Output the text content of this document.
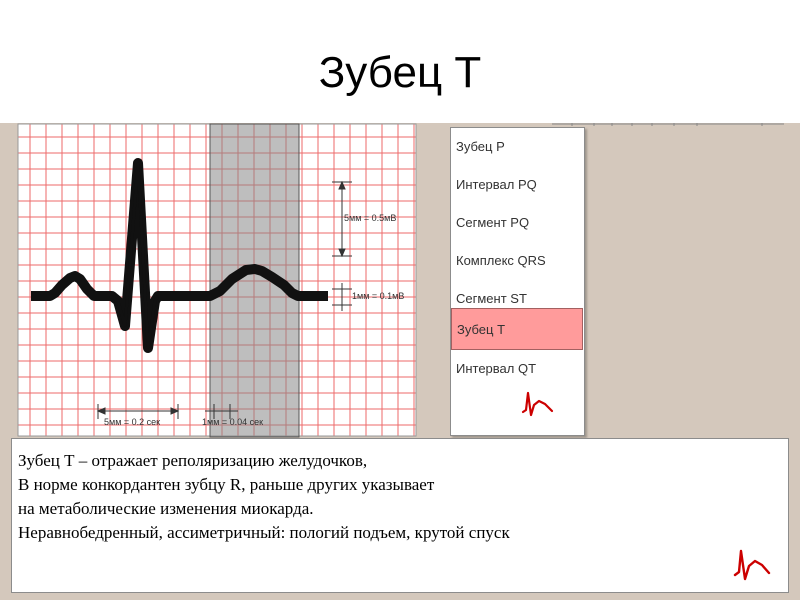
Зубец Т
5мм = 0.5мВ
1мм = 0.1мВ
5мм = 0.2 сек	1мм = 0.04 сек
Зубец P
Интервал PQ
Сегмент PQ
Комплекс QRS
Сегмент ST
Зубец Т
Интервал QT
Зубец Т – отражает реполяризацию желудочков,
В норме конкордантен зубцу R, раньше других указывает
на метаболические изменения миокарда.
Неравнобедренный, ассиметричный: пологий подъем, крутой спуск
